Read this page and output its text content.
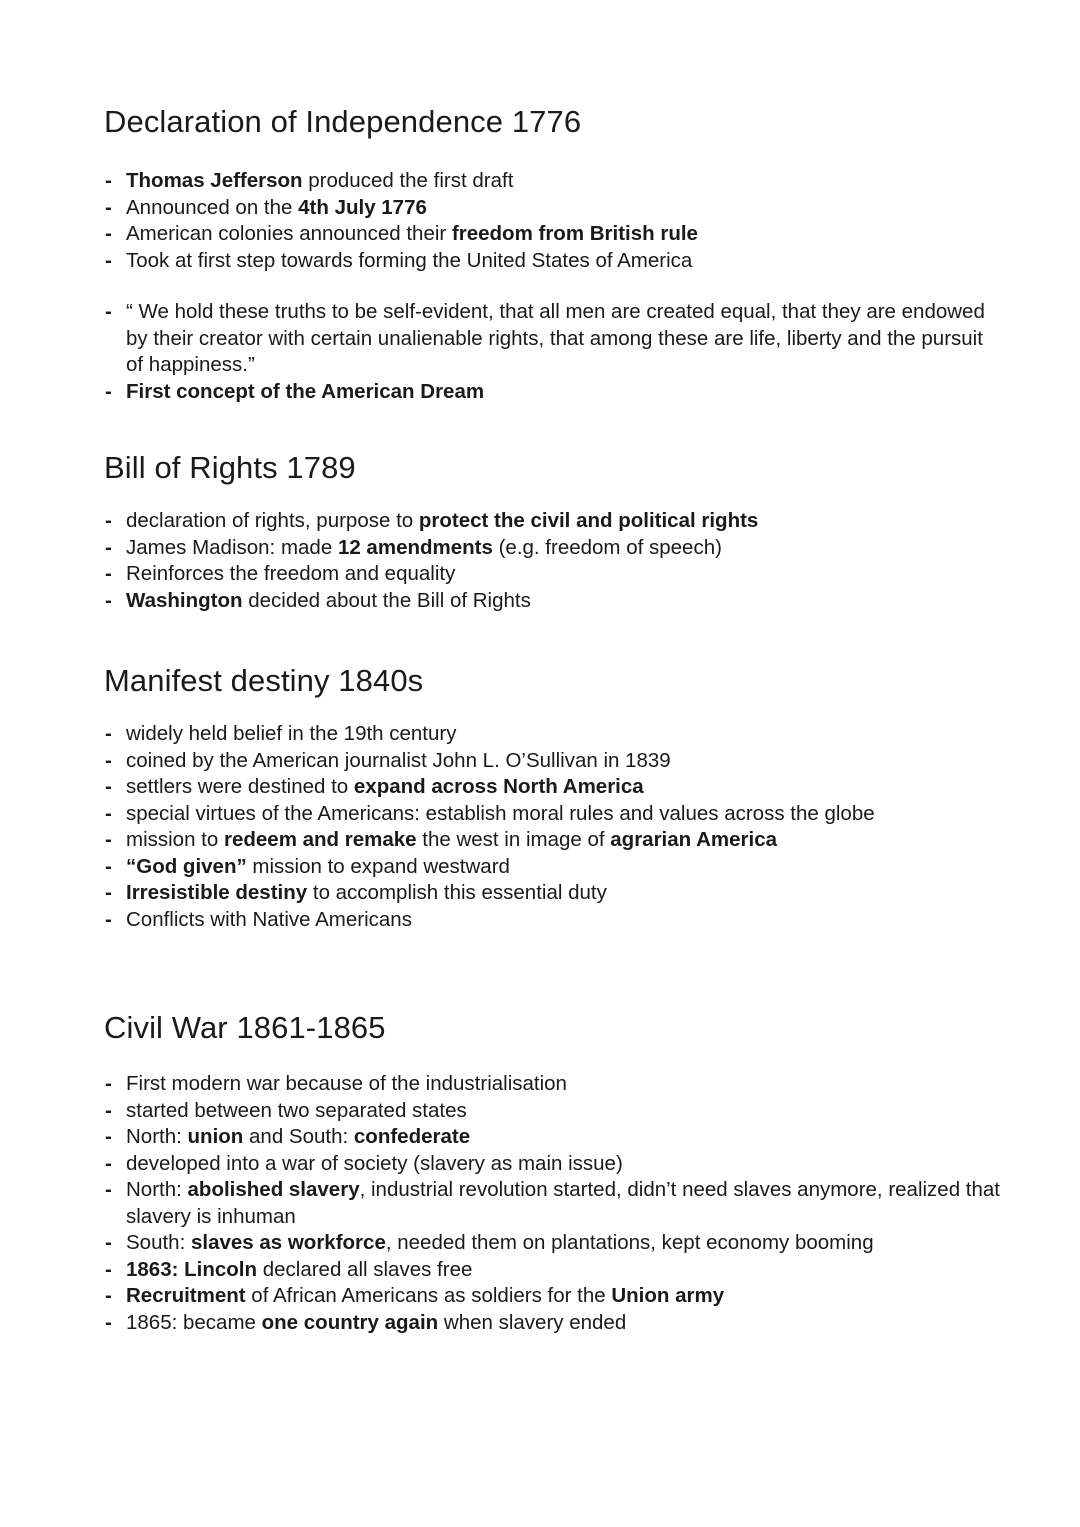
Declaration of Independence 1776
- Thomas Jefferson produced the first draft
- Announced on the 4th July 1776
- American colonies announced their freedom from British rule
- Took at first step towards forming the United States of America
- “ We hold these truths to be self-evident, that all men are created equal, that they are endowed by their creator with certain unalienable rights, that among these are life, liberty and the pursuit of happiness.”
- First concept of the American Dream
Bill of Rights 1789
- declaration of rights, purpose to protect the civil and political rights
- James Madison: made 12 amendments (e.g. freedom of speech)
- Reinforces the freedom and equality
- Washington decided about the Bill of Rights
Manifest destiny 1840s
- widely held belief in the 19th century
- coined by the American journalist John L. O’Sullivan in 1839
- settlers were destined to expand across North America
- special virtues of the Americans: establish moral rules and values across the globe
- mission to redeem and remake the west in image of agrarian America
- “God given” mission to expand westward
- Irresistible destiny to accomplish this essential duty
- Conflicts with Native Americans
Civil War 1861-1865
- First modern war because of the industrialisation
- started between two separated states
- North: union and South: confederate
- developed into a war of society (slavery as main issue)
- North: abolished slavery, industrial revolution started, didn’t need slaves anymore, realized that slavery is inhuman
- South: slaves as workforce, needed them on plantations, kept economy booming
- 1863: Lincoln declared all slaves free
- Recruitment of African Americans as soldiers for the Union army
- 1865: became one country again when slavery ended
